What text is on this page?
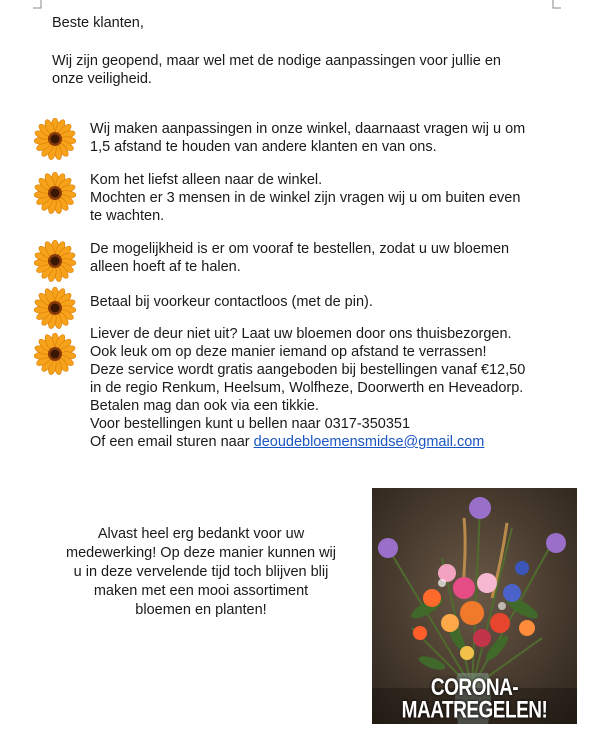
Beste klanten,
Wij zijn geopend, maar wel met de nodige aanpassingen voor jullie en onze veiligheid.
Wij maken aanpassingen in onze winkel, daarnaast vragen wij u om
1,5 afstand te houden van andere klanten en van ons.
Kom het liefst alleen naar de winkel.
Mochten er 3 mensen in de winkel zijn vragen wij u om buiten even
te wachten.
De mogelijkheid is er om vooraf te bestellen, zodat u uw bloemen
alleen hoeft af te halen.
Betaal bij voorkeur contactloos (met de pin).
Liever de deur niet uit? Laat uw bloemen door ons thuisbezorgen.
Ook leuk om op deze manier iemand op afstand te verrassen!
Deze service wordt gratis aangeboden bij bestellingen vanaf €12,50
in de regio Renkum, Heelsum, Wolfheze, Doorwerth en Heveadorp.
Betalen mag dan ook via een tikkie.
Voor bestellingen kunt u bellen naar 0317-350351
Of een email sturen naar deoudebloemensmidse@gmail.com
Alvast heel erg bedankt voor uw
medewerking! Op deze manier kunnen wij
u in deze vervelende tijd toch blijven blij
maken met een mooi assortiment
bloemen en planten!
CORONA-MAATREGELEN!
